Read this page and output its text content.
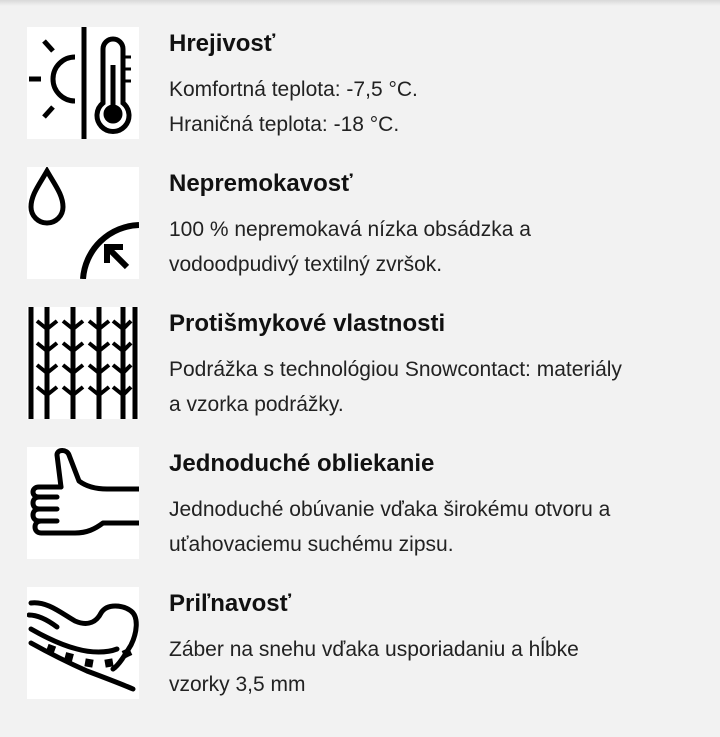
Hrejivosť
Komfortná teplota: -7,5 °C.
Hraničná teplota: -18 °C.
Nepremokavosť
100 % nepremokavá nízka obsádzka a
vodoodpudivý textilný zvršok.
Protišmykové vlastnosti
Podrážka s technológiou Snowcontact: materiály
a vzorka podrážky.
Jednoduché obliekanie
Jednoduché obúvanie vďaka širokému otvoru a
uťahovaciemu suchému zipsu.
Priľnavosť
Záber na snehu vďaka usporiadaniu a hĺbke
vzorky 3,5 mm
